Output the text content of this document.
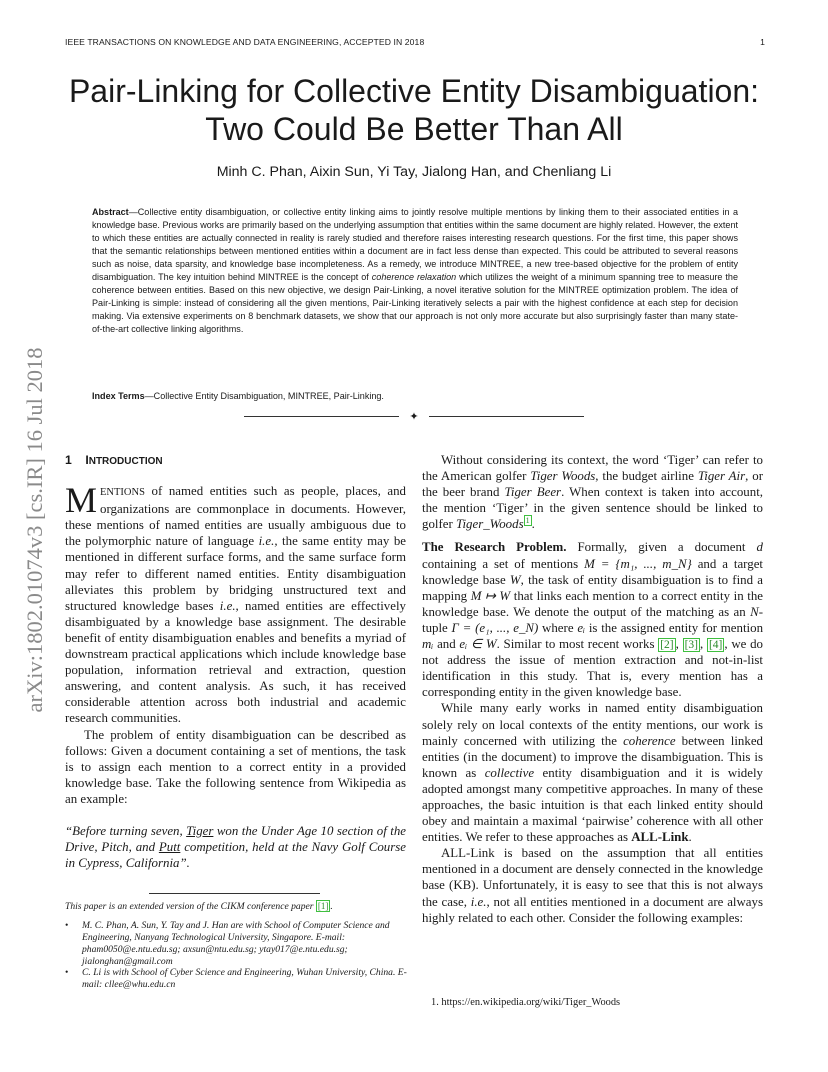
IEEE TRANSACTIONS ON KNOWLEDGE AND DATA ENGINEERING, ACCEPTED IN 2018	1
arXiv:1802.01074v3 [cs.IR] 16 Jul 2018
Pair-Linking for Collective Entity Disambiguation:
Two Could Be Better Than All
Minh C. Phan, Aixin Sun, Yi Tay, Jialong Han, and Chenliang Li
Abstract—Collective entity disambiguation, or collective entity linking aims to jointly resolve multiple mentions by linking them to their associated entities in a knowledge base. Previous works are primarily based on the underlying assumption that entities within the same document are highly related. However, the extent to which these entities are actually connected in reality is rarely studied and therefore raises interesting research questions. For the first time, this paper shows that the semantic relationships between mentioned entities within a document are in fact less dense than expected. This could be attributed to several reasons such as noise, data sparsity, and knowledge base incompleteness. As a remedy, we introduce MINTREE, a new tree-based objective for the problem of entity disambiguation. The key intuition behind MINTREE is the concept of coherence relaxation which utilizes the weight of a minimum spanning tree to measure the coherence between entities. Based on this new objective, we design Pair-Linking, a novel iterative solution for the MINTREE optimization problem. The idea of Pair-Linking is simple: instead of considering all the given mentions, Pair-Linking iteratively selects a pair with the highest confidence at each step for decision making. Via extensive experiments on 8 benchmark datasets, we show that our approach is not only more accurate but also surprisingly faster than many state-of-the-art collective linking algorithms.
Index Terms—Collective Entity Disambiguation, MINTREE, Pair-Linking.
✦
1 INTRODUCTION

MENTIONS of named entities such as people, places, and organizations are commonplace in documents. However, these mentions of named entities are usually ambiguous due to the polymorphic nature of language i.e., the same entity may be mentioned in different surface forms, and the same surface form may refer to different named entities. Entity disambiguation alleviates this problem by bridging unstructured text and structured knowledge bases i.e., named entities are effectively disambiguated by a knowledge base assignment. The desirable benefit of entity disambiguation enables and benefits a myriad of downstream practical applications which include knowledge base population, information retrieval and extraction, question answering, and content analysis. As such, it has received considerable attention across both industrial and academic research communities.

The problem of entity disambiguation can be described as follows: Given a document containing a set of mentions, the task is to assign each mention to a correct entity in a provided knowledge base. Take the following sentence from Wikipedia as an example:

“Before turning seven, Tiger won the Under Age 10 section of the Drive, Pitch, and Putt competition, held at the Navy Golf Course in Cypress, California”.

Without considering its context, the word ‘Tiger’ can refer to the American golfer Tiger Woods, the budget airline Tiger Air, or the beer brand Tiger Beer. When context is taken into account, the mention ‘Tiger’ in the given sentence should be linked to golfer Tiger_Woods $^1$ .

The Research Problem. Formally, given a document d containing a set of mentions M = {m₁, ..., m_N} and a target knowledge base W, the task of entity disambiguation is to find a mapping M ↦ W that links each mention to a correct entity in the knowledge base. We denote the output of the matching as an N-tuple Γ = (e₁, ..., e_N) where eᵢ is the assigned entity for mention mᵢ and eᵢ ∈ W. Similar to most recent works [2] , [3] , [4] , we do not address the issue of mention extraction and not-in-list identification in this study. That is, every mention has a corresponding entity in the given knowledge base.

While many early works in named entity disambiguation solely rely on local contexts of the entity mentions, our work is mainly concerned with utilizing the coherence between linked entities (in the document) to improve the disambiguation. This is known as collective entity disambiguation and it is widely adopted amongst many competitive approaches. In many of these approaches, the basic intuition is that each linked entity should obey and maintain a maximal ‘pairwise’ coherence with all other entities. We refer to these approaches as ALL-Link.

ALL-Link is based on the assumption that all entities mentioned in a document are densely connected in the knowledge base (KB). Unfortunately, it is easy to see that this is not always the case, i.e., not all entities mentioned in a document are always highly related to each other. Consider the following examples:

This paper is an extended version of the CIKM conference paper [1] .
• M. C. Phan, A. Sun, Y. Tay and J. Han are with School of Computer Science and Engineering, Nanyang Technological University, Singapore. E-mail: pham0050@e.ntu.edu.sg; axsun@ntu.edu.sg; ytay017@e.ntu.edu.sg; jialonghan@gmail.com
• C. Li is with School of Cyber Science and Engineering, Wuhan University, China. E-mail: cllee@whu.edu.cn
1. https://en.wikipedia.org/wiki/Tiger_Woods
